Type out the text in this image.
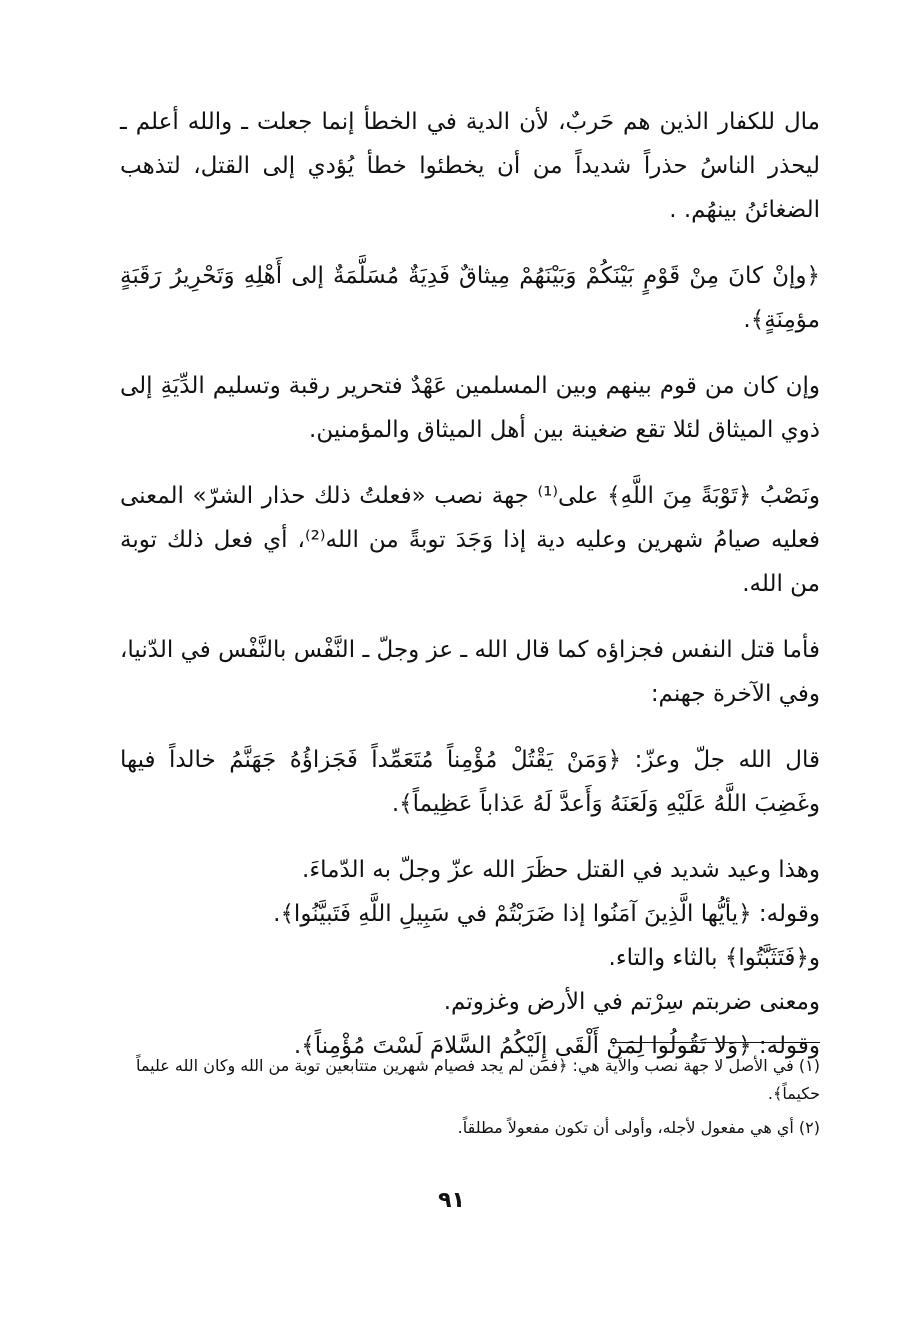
مال للكفار الذين هم حَربٌ، لأن الدية في الخطأ إنما جعلت ـ والله أعلم ـ ليحذر الناسُ حذراً شديداً من أن يخطئوا خطأ يُؤدي إلى القتل، لتذهب الضغائنُ بينهُم. .

﴿وإنْ كانَ مِنْ قَوْمٍ بَيْنَكُمْ وَبَيْنَهُمْ مِيثاقٌ فَدِيَةٌ مُسَلَّمَةٌ إلى أَهْلِهِ وَتَحْرِيرُ رَقَبَةٍ مؤمِنَةٍ﴾.

وإن كان من قوم بينهم وبين المسلمين عَهْدٌ فتحرير رقبة وتسليم الدِّيَةِ إلى ذوي الميثاق لئلا تقع ضغينة بين أهل الميثاق والمؤمنين.

ونَصْبُ ﴿تَوْبَةً مِنَ اللَّهِ﴾ على⁽¹⁾ جهة نصب «فعلتُ ذلك حذار الشرّ» المعنى فعليه صيامُ شهرين وعليه دية إذا وَجَدَ توبةً من الله⁽²⁾، أي فعل ذلك توبة من الله.

فأما قتل النفس فجزاؤه كما قال الله ـ عز وجلّ ـ النَّفْس بالنَّفْس في الدّنيا، وفي الآخرة جهنم:

قال الله جلّ وعزّ: ﴿وَمَنْ يَقْتُلْ مُؤْمِناً مُتَعَمِّداً فَجَزاؤُهُ جَهَنَّمُ خالداً فيها وغَضِبَ اللَّهُ عَلَيْهِ وَلَعَنَهُ وَأَعدَّ لَهُ عَذاباً عَظِيماً﴾.

وهذا وعيد شديد في القتل حظَرَ الله عزّ وجلّ به الدّماءَ.

وقوله: ﴿يأيُّها الَّذِينَ آمَنُوا إذا ضَرَبْتُمْ في سَبِيلِ اللَّهِ فَتَبيَّنُوا﴾.

و﴿فَتَثَبَّتُوا﴾ بالثاء والتاء.

ومعنى ضربتم سِرْتم في الأرض وغزوتم.

وقوله: ﴿وَلا تَقُولُوا لِمَنْ أَلْقَى إِلَيْكُمُ السَّلامَ لَسْتَ مُؤْمِناً﴾.

(١) في الأصل لا جهة نصب والآية هي: ﴿فمن لم يجد فصيام شهرين متتابعين توبة من الله وكان الله عليماً حكيماً﴾.

(٢) أي هي مفعول لأجله، وأولى أن تكون مفعولاً مطلقاً.

٩١
